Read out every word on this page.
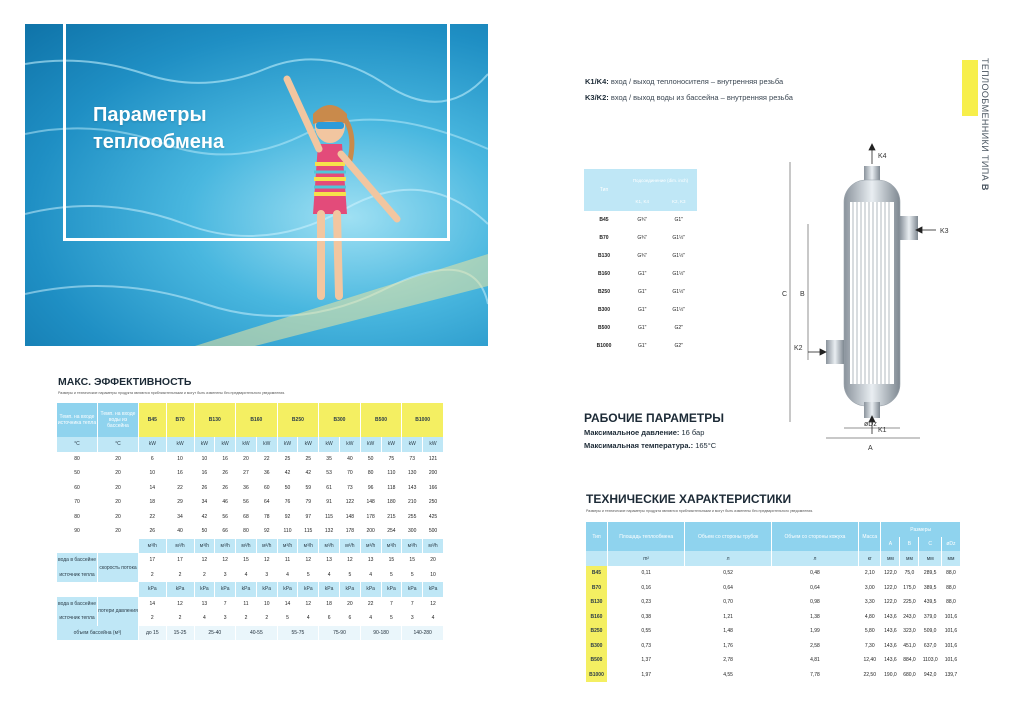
Параметры
теплообмена	ТЕПЛООБМЕННИКИ ТИПА B
K1/K4: вход / выход теплоносителя – внутренняя резьба
K3/K2: вход / выход воды из бассейна – внутренняя резьба
Тип	Подсоединение (dim. inch)	
	K1, K4	K2, K3
B45	G¾"	G1"
B70	G¾"	G1½"
B130	G¾"	G1½"
B160	G1"	G1½"
B250	G1"	G1½"
B300	G1"	G1½"
B500	G1"	G2"
B1000	G1"	G2"
РАБОЧИЕ ПАРАМЕТРЫ
Максимальное давление: 16 бар
Максимальная температура.: 165°C
K4
K3
K2
K1
C B
øDz
A
МАКС. ЭФФЕКТИВНОСТЬ
Размеры и технические параметры продукта являются приблизительными и могут быть изменены без предварительного уведомления.
Темп. на входе источника тепла	Темп. на входе воды из бассейна	B45	B70	B130		B160		B250		B300		B500		B1000	
°C	°C	kW	kW	kW	kW	kW	kW	kW	kW	kW	kW	kW	kW	kW	kW
80	20	6	10	10	16	20	22	25	25	35	40	50	75	73	121
50	20	10	16	16	26	27	36	42	42	53	70	80	110	130	200
60	20	14	22	26	26	36	60	50	59	61	73	96	118	143	166
70	20	18	29	34	46	56	64	76	79	91	122	148	180	210	250
80	20	22	34	42	56	68	78	92	97	115	148	178	215	255	425
90	20	26	40	50	66	80	92	110	115	132	178	200	254	300	500
		м³/h	м³/h	м³/h	м³/h	м³/h	м³/h	м³/h	м³/h	м³/h	м³/h	м³/h	м³/h	м³/h	м³/h
вода в бассейне	скорость потока	17	17	12	12	15	12	11	12	13	12	13	15	15	20
источник тепла		2	2	2	3	4	3	4	5	4	5	4	5	5	10
		kPa	kPa	kPa	kPa	kPa	kPa	kPa	kPa	kPa	kPa	kPa	kPa	kPa	kPa
вода в бассейне	потери давления	14	12	13	7	11	10	14	12	18	20	22	7	7	12
источник тепла		2	2	4	3	2	2	5	4	6	6	4	5	3	4
объем бассейна (м³)		до 15	15-25	25-40		40-55		55-75		75-90		90-180		140-280	
ТЕХНИЧЕСКИЕ ХАРАКТЕРИСТИКИ
Размеры и технические параметры продукта являются приблизительными и могут быть изменены без предварительного уведомления.
Тип	Площадь теплообмена	Объем со стороны трубок	Объем со стороны кожуха	Масса	Размеры			
					A	B	C	øDz
	m²	л	л	кг	мм	мм	мм	мм
B45	0,11	0,52	0,48	2,10	122,0	75,0	289,5	88,0
B70	0,16	0,64	0,64	3,00	122,0	175,0	389,5	88,0
B130	0,23	0,70	0,98	3,30	122,0	225,0	439,5	88,0
B160	0,38	1,21	1,38	4,80	143,6	243,0	379,0	101,6
B250	0,55	1,48	1,99	5,80	143,6	323,0	509,0	101,6
B300	0,73	1,76	2,58	7,30	143,6	451,0	637,0	101,6
B500	1,37	2,78	4,81	12,40	143,6	884,0	1103,0	101,6
B1000	1,97	4,55	7,78	22,50	190,0	680,0	942,0	139,7
